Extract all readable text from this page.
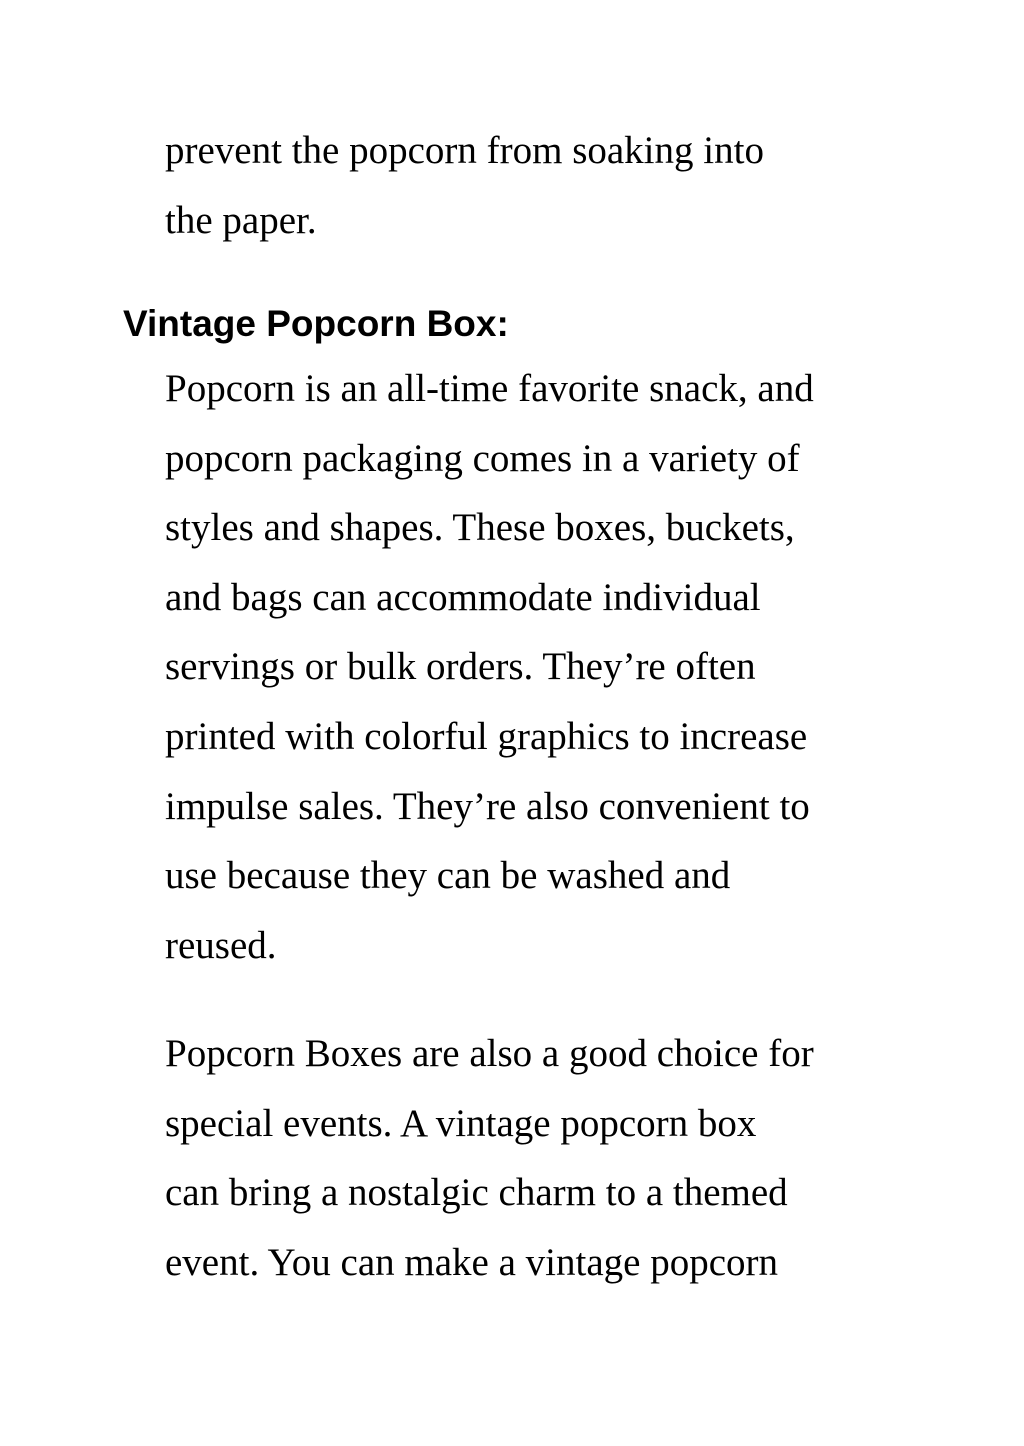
prevent the popcorn from soaking into
the paper.
Vintage Popcorn Box:
Popcorn is an all-time favorite snack, and
popcorn packaging comes in a variety of
styles and shapes. These boxes, buckets,
and bags can accommodate individual
servings or bulk orders. They’re often
printed with colorful graphics to increase
impulse sales. They’re also convenient to
use because they can be washed and
reused.
Popcorn Boxes are also a good choice for
special events. A vintage popcorn box
can bring a nostalgic charm to a themed
event. You can make a vintage popcorn
